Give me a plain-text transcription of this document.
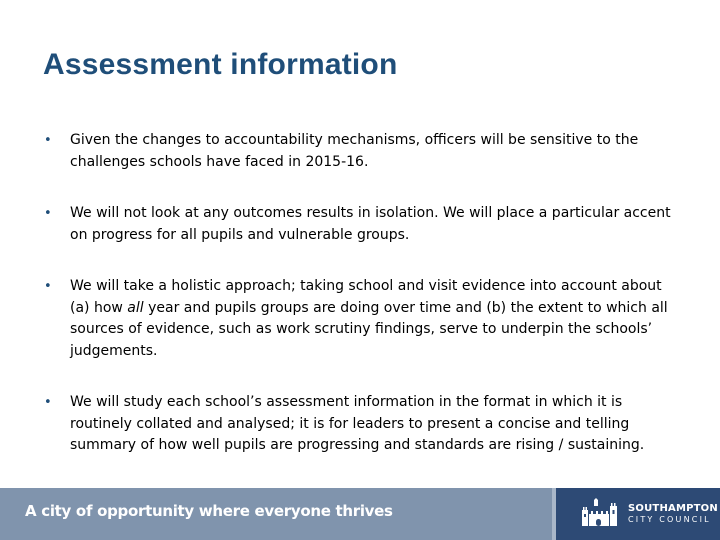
Assessment information
• Given the changes to accountability mechanisms, officers will be sensitive to the challenges schools have faced in 2015-16.
• We will not look at any outcomes results in isolation. We will place a particular accent on progress for all pupils and vulnerable groups.
• We will take a holistic approach; taking school and visit evidence into account about (a) how all year and pupils groups are doing over time and (b) the extent to which all sources of evidence, such as work scrutiny findings, serve to underpin the schools’ judgements.
• We will study each school’s assessment information in the format in which it is routinely collated and analysed; it is for leaders to present a concise and telling summary of how well pupils are progressing and standards are rising / sustaining.
A city of opportunity where everyone thrives	SOUTHAMPTON
CITY COUNCIL
